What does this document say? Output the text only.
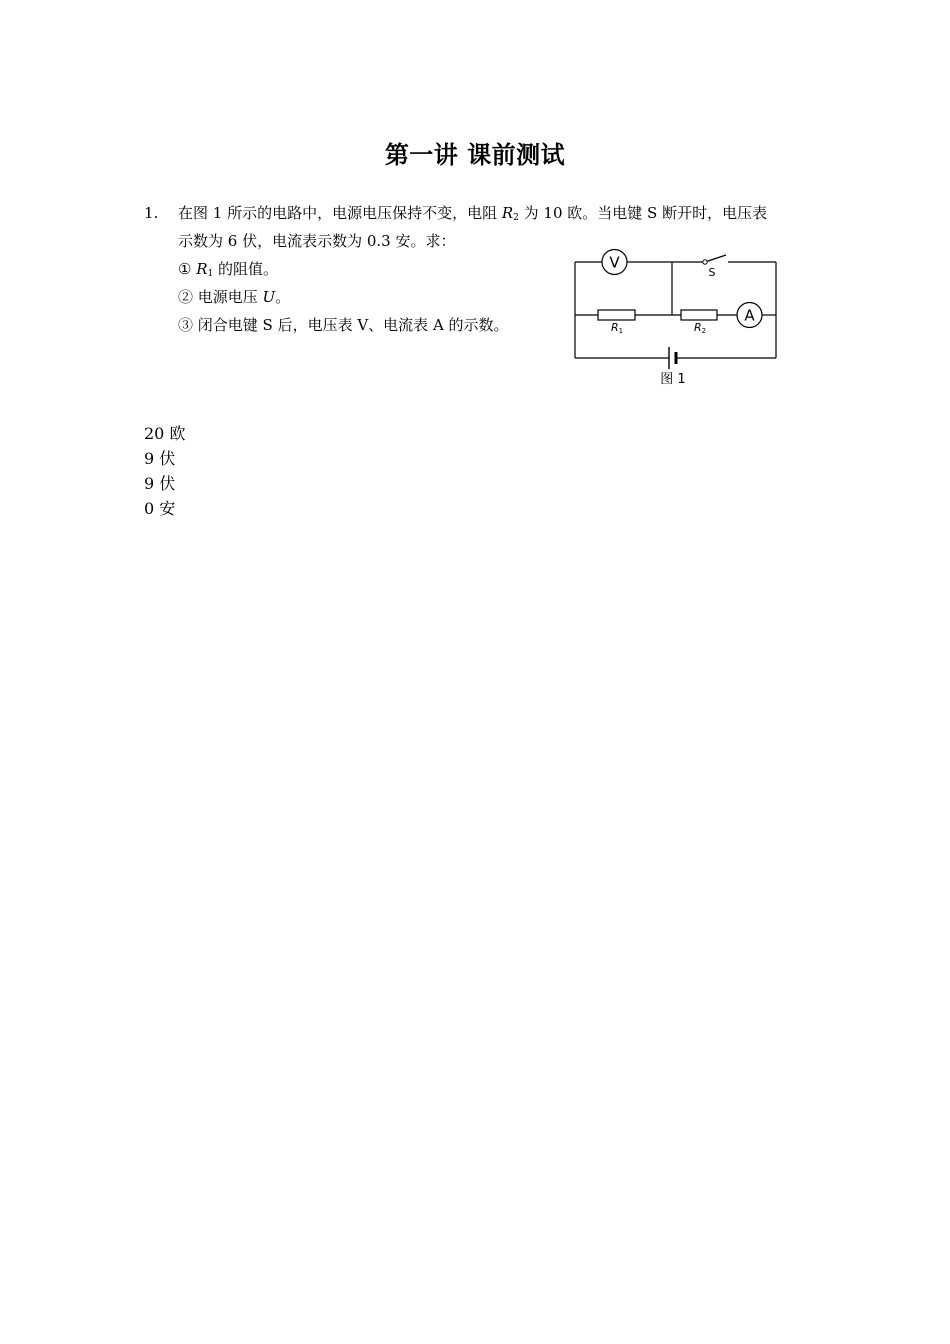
第一讲 课前测试
1. 在图 1 所示的电路中，电源电压保持不变，电阻 $R_2$ 为 10 欧。当电键 S 断开时，电压表
示数为 6 伏，电流表示数为 0.3 安。求：
① $R_1$ 的阻值。
② 电源电压 U。
③ 闭合电键 S 后，电压表 V、电流表 A 的示数。
V
A
S
R1	R2
图 1
20 欧
9 伏
9 伏
0 安
